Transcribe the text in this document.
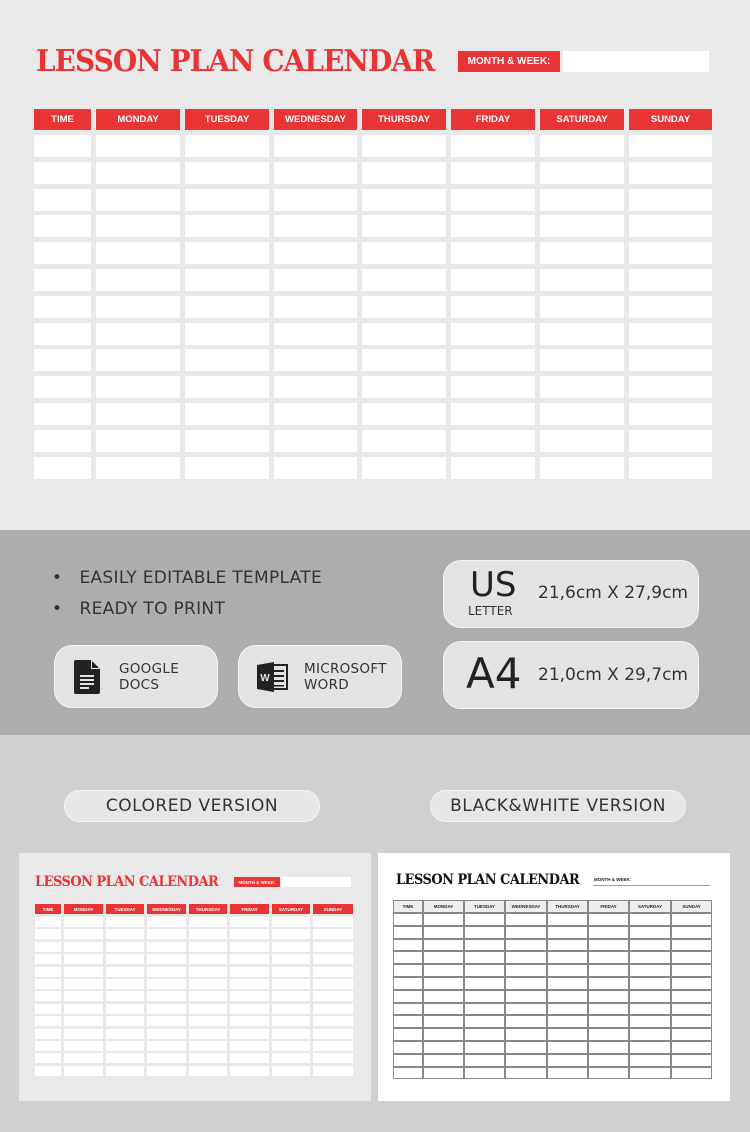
LESSON PLAN CALENDAR	MONTH & WEEK:
TIME	MONDAY	TUESDAY	WEDNESDAY	THURSDAY	FRIDAY	SATURDAY	SUNDAY
•   EASILY EDITABLE TEMPLATE
•   READY TO PRINT
GOOGLE
DOCS	W
MICROSOFT
WORD
US
LETTER
21,6cm X 27,9cm
A4 21,0cm X 29,7cm
COLORED VERSION	BLACK&WHITE VERSION
LESSON PLAN CALENDAR	MONTH & WEEK:
TIME	MONDAY	TUESDAY	WEDNESDAY	THURSDAY	FRIDAY	SATURDAY	SUNDAY
LESSON PLAN CALENDAR	MONTH & WEEK:
TIME	MONDAY	TUESDAY	WEDNESDAY	THURSDAY	FRIDAY	SATURDAY	SUNDAY
